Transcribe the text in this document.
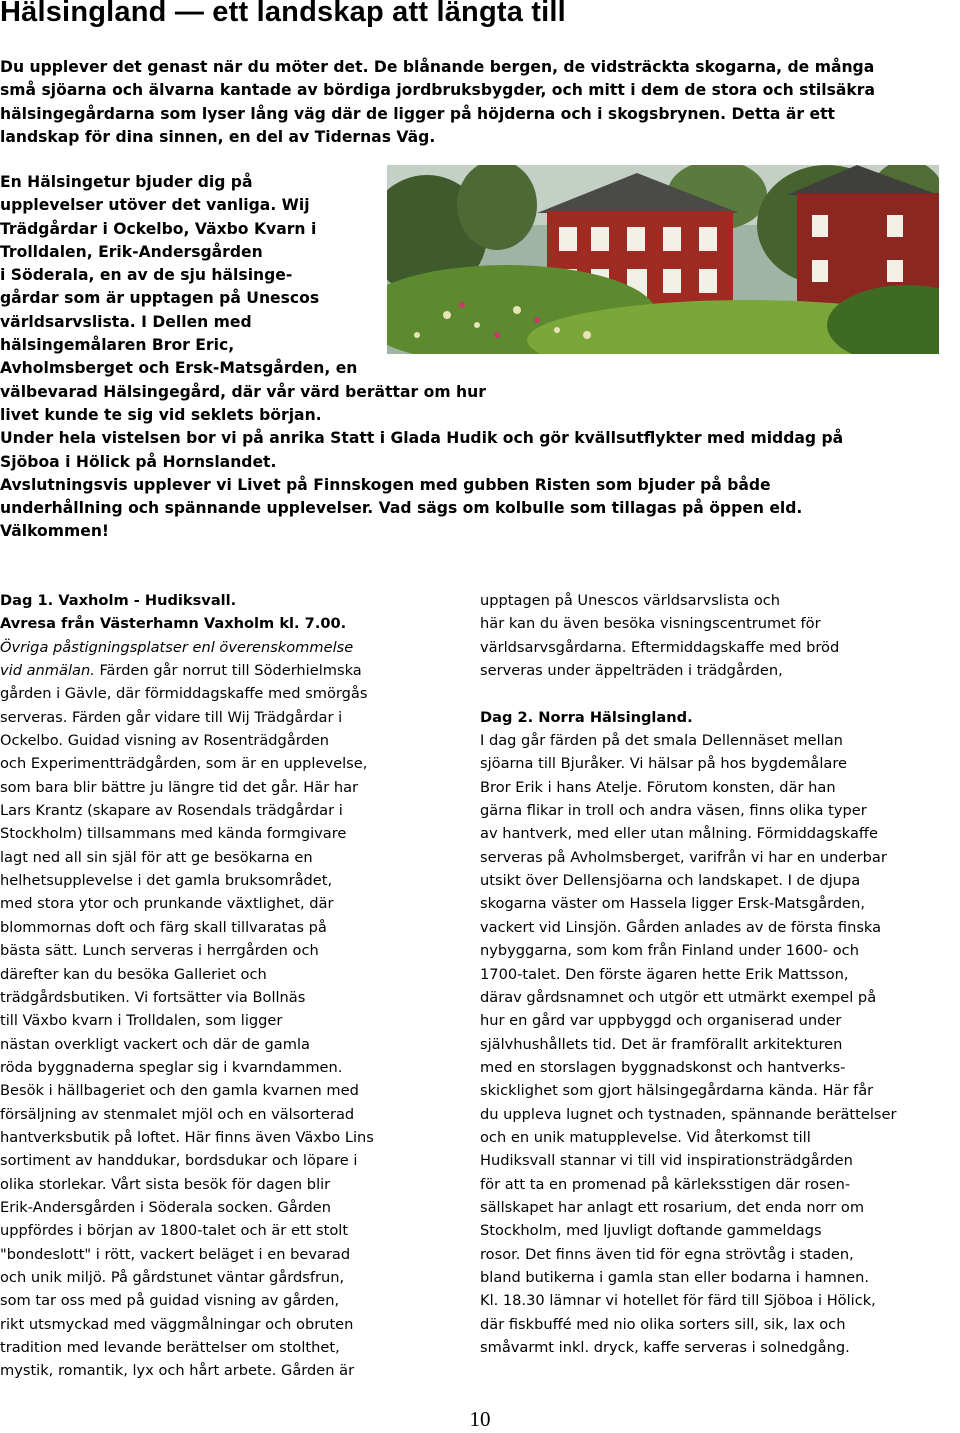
Hälsingland — ett landskap att längta till
Du upplever det genast när du möter det. De blånande bergen, de vidsträckta skogarna, de många
små sjöarna och älvarna kantade av bördiga jordbruksbygder, och mitt i dem de stora och stilsäkra
hälsingegårdarna som lyser lång väg där de ligger på höjderna och i skogsbrynen. Detta är ett
landskap för dina sinnen, en del av Tidernas Väg.
En Hälsingetur bjuder dig på
upplevelser utöver det vanliga. Wij
Trädgårdar i Ockelbo, Växbo Kvarn i
Trolldalen, Erik-Andersgården
i Söderala, en av de sju hälsinge-
gårdar som är upptagen på Unescos
världsarvslista. I Dellen med
hälsingemålaren Bror Eric,
Avholmsberget och Ersk-Matsgården, en välbevarad Hälsingegård, där vår värd berättar om hur
livet kunde te sig vid seklets början.
Under hela vistelsen bor vi på anrika Statt i Glada Hudik och gör kvällsutflykter med middag på
Sjöboa i Hölick på Hornslandet.
Avslutningsvis upplever vi Livet på Finnskogen med gubben Risten som bjuder på både
underhållning och spännande upplevelser. Vad sägs om kolbulle som tillagas på öppen eld.
Välkommen!

Dag 1. Vaxholm - Hudiksvall.

Avresa från Västerhamn Vaxholm kl. 7.00.

Övriga påstigningsplatser enl överenskommelse

vid anmälan. Färden går norrut till Söderhielmska

gården i Gävle, där förmiddagskaffe med smörgås

serveras. Färden går vidare till Wij Trädgårdar i

Ockelbo. Guidad visning av Rosenträdgården

och Experimentträdgården, som är en upplevelse,

som bara blir bättre ju längre tid det går. Här har

Lars Krantz (skapare av Rosendals trädgårdar i

Stockholm) tillsammans med kända formgivare

lagt ned all sin själ för att ge besökarna en

helhetsupplevelse i det gamla bruksområdet,

med stora ytor och prunkande växtlighet, där

blommornas doft och färg skall tillvaratas på

bästa sätt. Lunch serveras i herrgården och

därefter kan du besöka Galleriet och

trädgårdsbutiken. Vi fortsätter via Bollnäs

till Växbo kvarn i Trolldalen, som ligger

nästan overkligt vackert och där de gamla

röda byggnaderna speglar sig i kvarndammen.

Besök i hällbageriet och den gamla kvarnen med

försäljning av stenmalet mjöl och en välsorterad

hantverksbutik på loftet. Här finns även Växbo Lins

sortiment av handdukar, bordsdukar och löpare i

olika storlekar. Vårt sista besök för dagen blir

Erik-Andersgården i Söderala socken. Gården

uppfördes i början av 1800-talet och är ett stolt

"bondeslott" i rött, vackert beläget i en bevarad

och unik miljö. På gårdstunet väntar gårdsfrun,

som tar oss med på guidad visning av gården,

rikt utsmyckad med väggmålningar och obruten

tradition med levande berättelser om stolthet,

mystik, romantik, lyx och hårt arbete. Gården är

upptagen på Unescos världsarvslista och

här kan du även besöka visningscentrumet för

världsarvsgårdarna. Eftermiddagskaffe med bröd

serveras under äppelträden i trädgården,

Dag 2. Norra Hälsingland.

I dag går färden på det smala Dellennäset mellan

sjöarna till Bjuråker. Vi hälsar på hos bygdemålare

Bror Erik i hans Atelje. Förutom konsten, där han

gärna flikar in troll och andra väsen, finns olika typer

av hantverk, med eller utan målning. Förmiddagskaffe

serveras på Avholmsberget, varifrån vi har en underbar

utsikt över Dellensjöarna och landskapet. I de djupa

skogarna väster om Hassela ligger Ersk-Matsgården,

vackert vid Linsjön. Gården anlades av de första finska

nybyggarna, som kom från Finland under 1600- och

1700-talet. Den förste ägaren hette Erik Mattsson,

därav gårdsnamnet och utgör ett utmärkt exempel på

hur en gård var uppbyggd och organiserad under

självhushållets tid. Det är framförallt arkitekturen

med en storslagen byggnadskonst och hantverks-

skicklighet som gjort hälsingegårdarna kända. Här får

du uppleva lugnet och tystnaden, spännande berättelser

och en unik matupplevelse. Vid återkomst till

Hudiksvall stannar vi till vid inspirationsträdgården

för att ta en promenad på kärleksstigen där rosen-

sällskapet har anlagt ett rosarium, det enda norr om

Stockholm, med ljuvligt doftande gammeldags

rosor. Det finns även tid för egna strövtåg i staden,

bland butikerna i gamla stan eller bodarna i hamnen.

Kl. 18.30 lämnar vi hotellet för färd till Sjöboa i Hölick,

där fiskbuffé med nio olika sorters sill, sik, lax och

småvarmt inkl. dryck, kaffe serveras i solnedgång.

10
